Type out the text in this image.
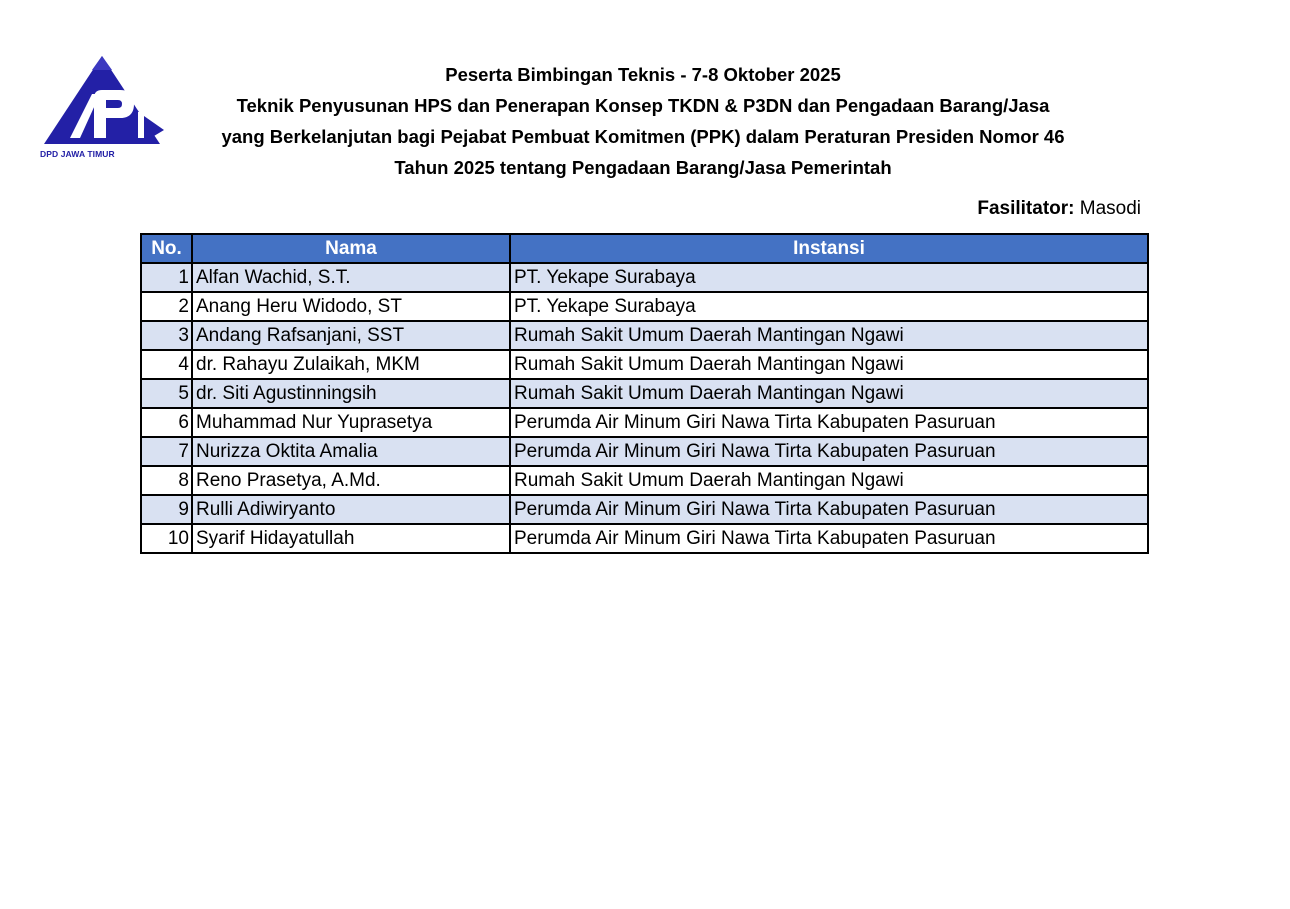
DPD JAWA TIMUR
Peserta Bimbingan Teknis - 7-8 Oktober 2025
Teknik Penyusunan HPS dan Penerapan Konsep TKDN & P3DN dan Pengadaan Barang/Jasa
yang Berkelanjutan bagi Pejabat Pembuat Komitmen (PPK) dalam Peraturan Presiden Nomor 46
Tahun 2025 tentang Pengadaan Barang/Jasa Pemerintah
Fasilitator: Masodi
No.	Nama	Instansi
1	Alfan Wachid, S.T.	PT. Yekape Surabaya
2	Anang Heru Widodo, ST	PT. Yekape Surabaya
3	Andang Rafsanjani, SST	Rumah Sakit Umum Daerah Mantingan Ngawi
4	dr. Rahayu Zulaikah, MKM	Rumah Sakit Umum Daerah Mantingan Ngawi
5	dr. Siti Agustinningsih	Rumah Sakit Umum Daerah Mantingan Ngawi
6	Muhammad Nur Yuprasetya	Perumda Air Minum Giri Nawa Tirta Kabupaten Pasuruan
7	Nurizza Oktita Amalia	Perumda Air Minum Giri Nawa Tirta Kabupaten Pasuruan
8	Reno Prasetya, A.Md.	Rumah Sakit Umum Daerah Mantingan Ngawi
9	Rulli Adiwiryanto	Perumda Air Minum Giri Nawa Tirta Kabupaten Pasuruan
10	Syarif Hidayatullah	Perumda Air Minum Giri Nawa Tirta Kabupaten Pasuruan
